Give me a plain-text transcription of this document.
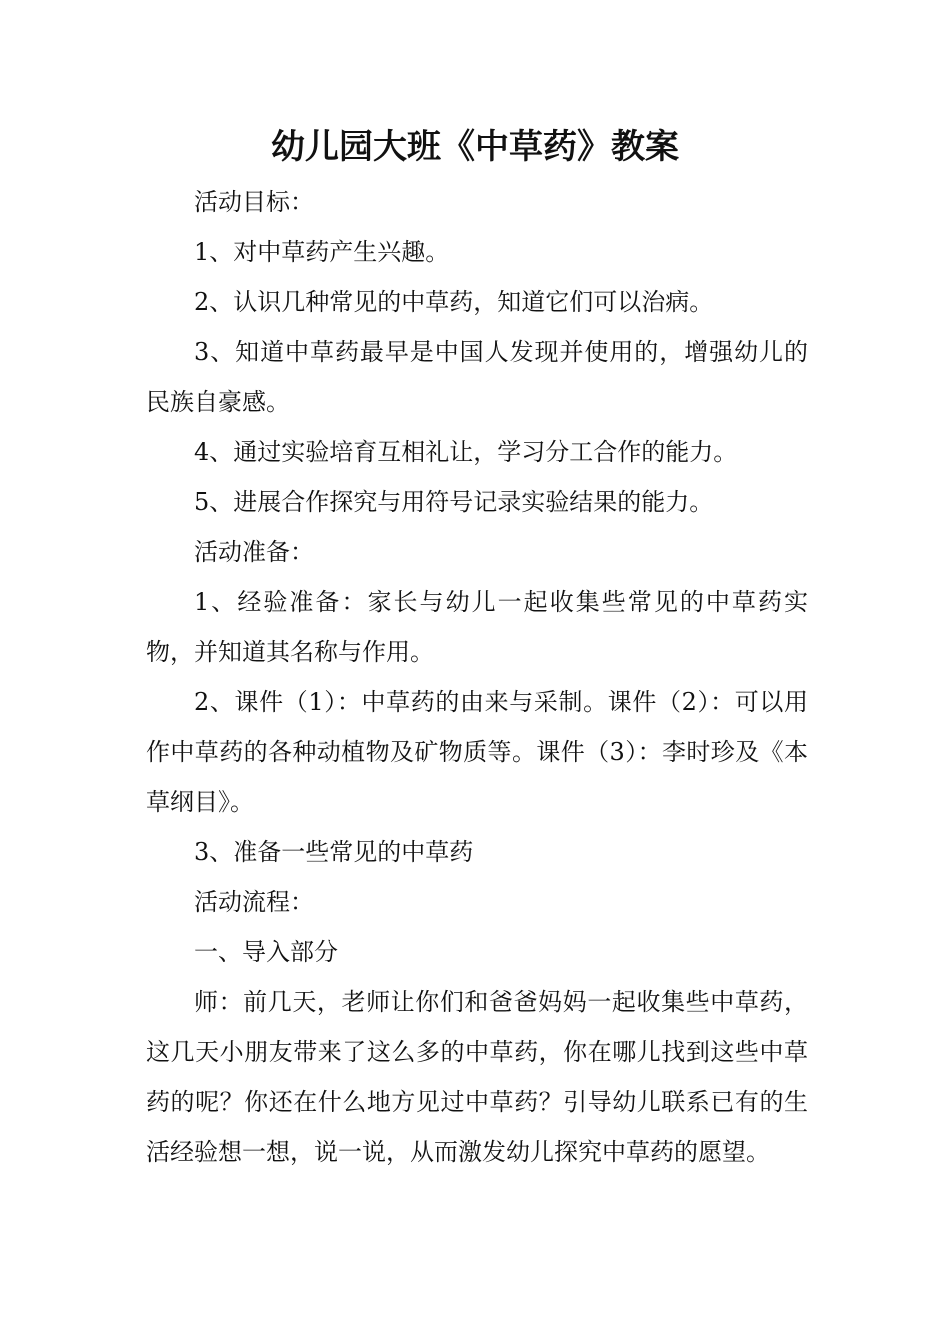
幼儿园大班《中草药》教案

活动目标：

1、对中草药产生兴趣。

2、认识几种常见的中草药，知道它们可以治病。

3、知道中草药最早是中国人发现并使用的，增强幼儿的民族自豪感。

4、通过实验培育互相礼让，学习分工合作的能力。

5、进展合作探究与用符号记录实验结果的能力。

活动准备：

1、经验准备：家长与幼儿一起收集些常见的中草药实物，并知道其名称与作用。

2、课件（1）：中草药的由来与采制。课件（2）：可以用作中草药的各种动植物及矿物质等。课件（3）：李时珍及《本草纲目》。

3、准备一些常见的中草药

活动流程：

一、导入部分

师：前几天，老师让你们和爸爸妈妈一起收集些中草药，这几天小朋友带来了这么多的中草药，你在哪儿找到这些中草药的呢？你还在什么地方见过中草药？引导幼儿联系已有的生活经验想一想，说一说，从而激发幼儿探究中草药的愿望。
